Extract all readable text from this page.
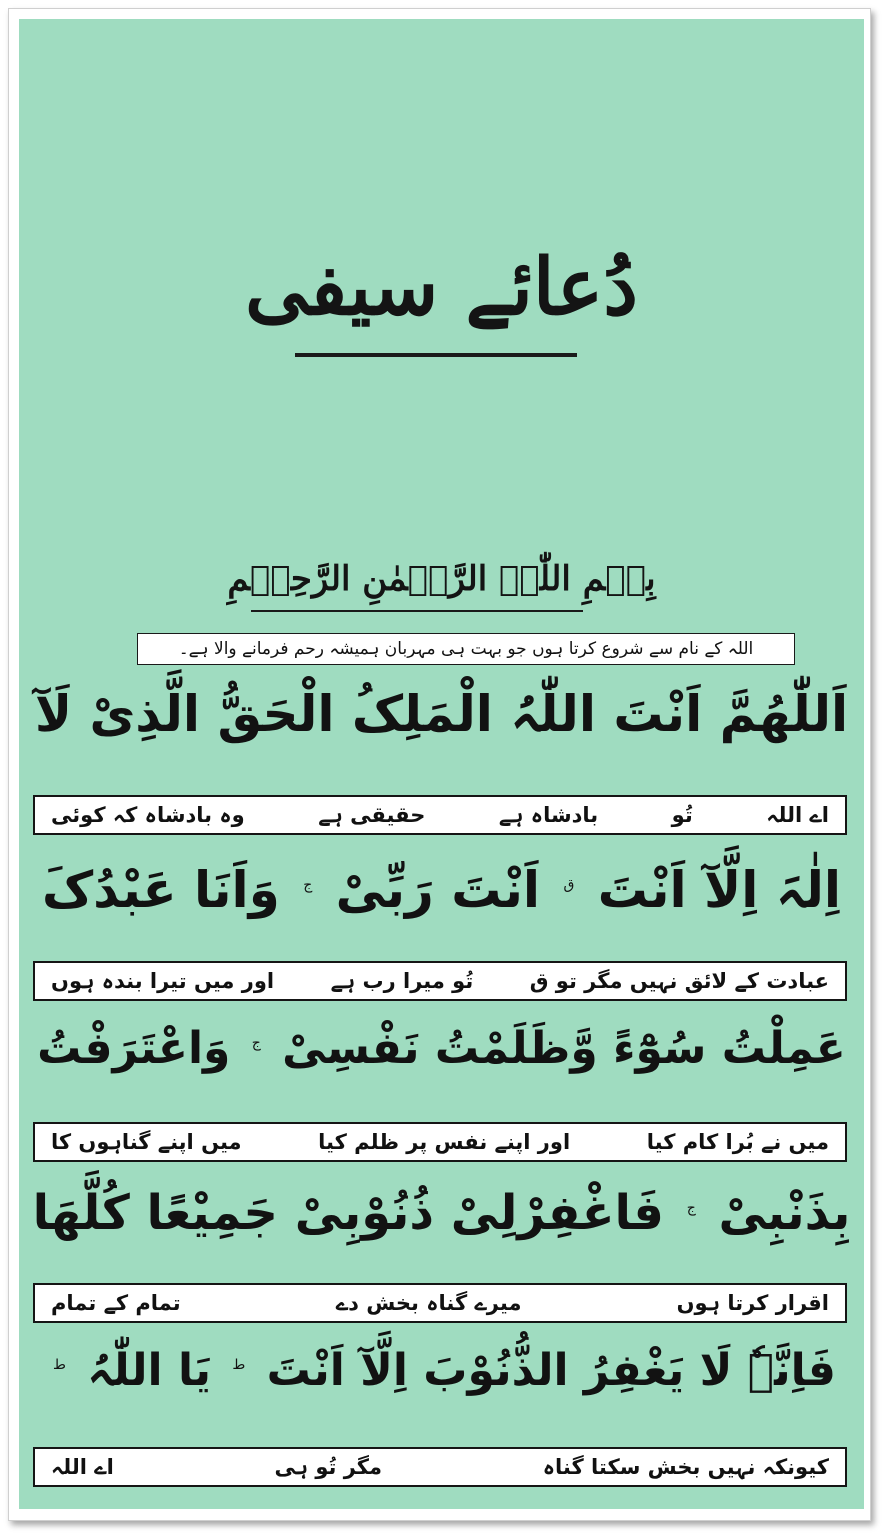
دُعائے سیفی
بِسۡمِ اللّٰہِ الرَّحۡمٰنِ الرَّحِیۡمِ
اللہ کے نام سے شروع کرتا ہوں جو بہت ہی مہربان ہمیشہ رحم فرمانے والا ہے۔
اَللّٰھُمَّ اَنْتَ اللّٰہُ الْمَلِکُ الْحَقُّ الَّذِیْ لَآ
اے اللہ
تُو
بادشاہ ہے
حقیقی ہے
وہ بادشاہ کہ کوئی
اِلٰہَ اِلَّآ اَنْتَ $^ق$ اَنْتَ رَبِّیْ $^ج$ وَاَنَا عَبْدُکَ
عبادت کے لائق نہیں مگر تو ق
تُو میرا رب ہے
اور میں تیرا بندہ ہوں
عَمِلْتُ سُوْٓءً وَّظَلَمْتُ نَفْسِیْ $^ج$ وَاعْتَرَفْتُ
میں نے بُرا کام کیا
اور اپنے نفس پر ظلم کیا
میں اپنے گناہوں کا
بِذَنْبِیْ $^ج$ فَاغْفِرْلِیْ ذُنُوْبِیْ جَمِیْعًا کُلَّھَا
اقرار کرتا ہوں
میرے گناہ بخش دے
تمام کے تمام
فَاِنَّہٗ لَا یَغْفِرُ الذُّنُوْبَ اِلَّآ اَنْتَ $^ط$ یَا اللّٰہُ $^ط$
کیونکہ نہیں بخش سکتا گناہ
مگر تُو ہی
اے اللہ
